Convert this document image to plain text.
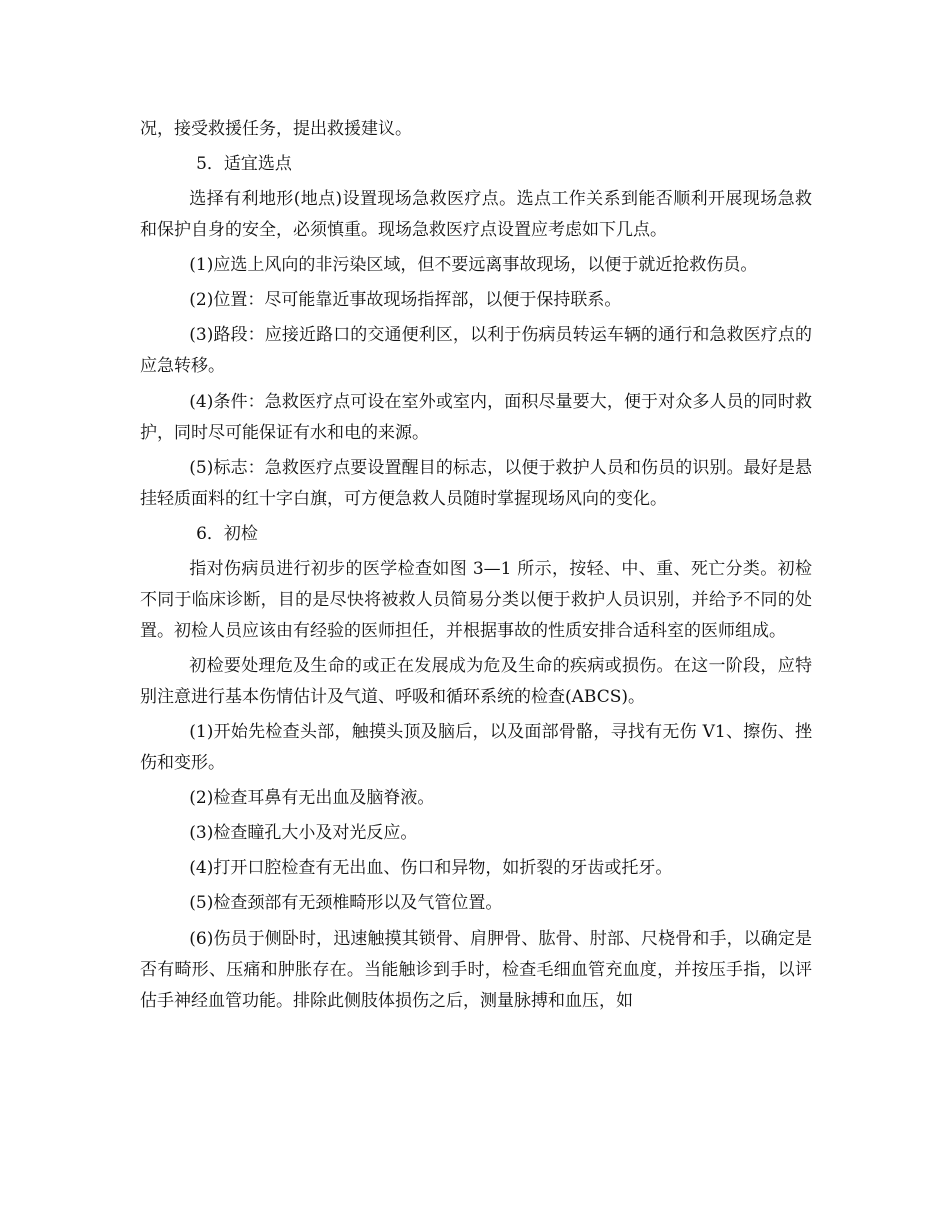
况，接受救援任务，提出救援建议。

5．适宜选点

选择有利地形(地点)设置现场急救医疗点。选点工作关系到能否顺利开展现场急救和保护自身的安全，必须慎重。现场急救医疗点设置应考虑如下几点。

(1)应选上风向的非污染区域，但不要远离事故现场，以便于就近抢救伤员。

(2)位置：尽可能靠近事故现场指挥部，以便于保持联系。

(3)路段：应接近路口的交通便利区，以利于伤病员转运车辆的通行和急救医疗点的应急转移。

(4)条件：急救医疗点可设在室外或室内，面积尽量要大，便于对众多人员的同时救护，同时尽可能保证有水和电的来源。

(5)标志：急救医疗点要设置醒目的标志，以便于救护人员和伤员的识别。最好是悬挂轻质面料的红十字白旗，可方便急救人员随时掌握现场风向的变化。

6．初检

指对伤病员进行初步的医学检查如图 3—1 所示，按轻、中、重、死亡分类。初检不同于临床诊断，目的是尽快将被救人员简易分类以便于救护人员识别，并给予不同的处置。初检人员应该由有经验的医师担任，并根据事故的性质安排合适科室的医师组成。

初检要处理危及生命的或正在发展成为危及生命的疾病或损伤。在这一阶段，应特别注意进行基本伤情估计及气道、呼吸和循环系统的检查(ABCS)。

(1)开始先检查头部，触摸头顶及脑后，以及面部骨骼，寻找有无伤 V1、擦伤、挫伤和变形。

(2)检查耳鼻有无出血及脑脊液。

(3)检查瞳孔大小及对光反应。

(4)打开口腔检查有无出血、伤口和异物，如折裂的牙齿或托牙。

(5)检查颈部有无颈椎畸形以及气管位置。

(6)伤员于侧卧时，迅速触摸其锁骨、肩胛骨、肱骨、肘部、尺桡骨和手，以确定是否有畸形、压痛和肿胀存在。当能触诊到手时，检查毛细血管充血度，并按压手指，以评估手神经血管功能。排除此侧肢体损伤之后，测量脉搏和血压，如
